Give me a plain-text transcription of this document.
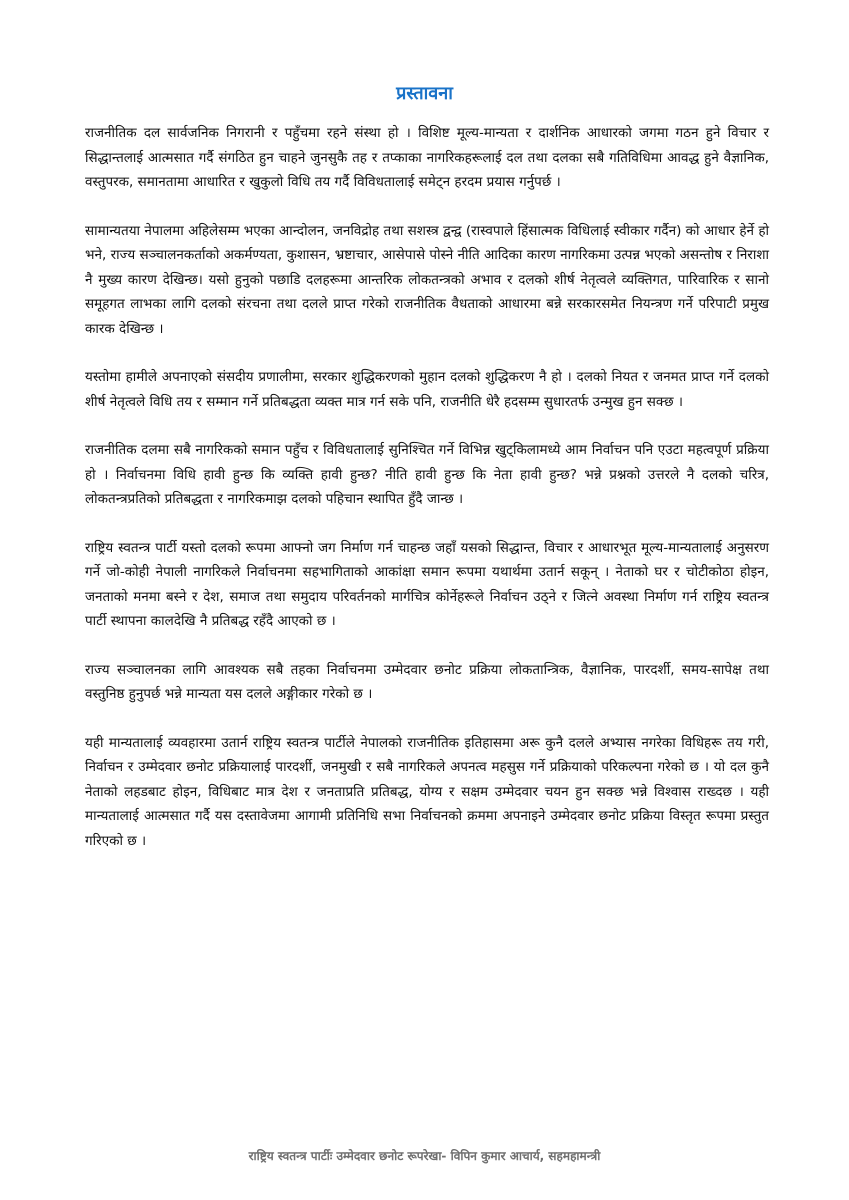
प्रस्तावना

राजनीतिक दल सार्वजनिक निगरानी र पहुँचमा रहने संस्था हो । विशिष्ट मूल्य-मान्यता र दार्शनिक आधारको जगमा गठन हुने विचार र सिद्धान्तलाई आत्मसात गर्दै संगठित हुन चाहने जुनसुकै तह र तप्काका नागरिकहरूलाई दल तथा दलका सबै गतिविधिमा आवद्ध हुने वैज्ञानिक, वस्तुपरक, समानतामा आधारित र खुकुलो विधि तय गर्दै विविधतालाई समेट्न हरदम प्रयास गर्नुपर्छ ।

सामान्यतया नेपालमा अहिलेसम्म भएका आन्दोलन, जनविद्रोह तथा सशस्त्र द्वन्द्व (रास्वपाले हिंसात्मक विधिलाई स्वीकार गर्दैन) को आधार हेर्ने हो भने, राज्य सञ्चालनकर्ताको अकर्मण्यता, कुशासन, भ्रष्टाचार, आसेपासे पोस्ने नीति आदिका कारण नागरिकमा उत्पन्न भएको असन्तोष र निराशा नै मुख्य कारण देखिन्छ। यसो हुनुको पछाडि दलहरूमा आन्तरिक लोकतन्त्रको अभाव र दलको शीर्ष नेतृत्वले व्यक्तिगत, पारिवारिक र सानो समूहगत लाभका लागि दलको संरचना तथा दलले प्राप्त गरेको राजनीतिक वैधताको आधारमा बन्ने सरकारसमेत नियन्त्रण गर्ने परिपाटी प्रमुख कारक देखिन्छ ।

यस्तोमा हामीले अपनाएको संसदीय प्रणालीमा, सरकार शुद्धिकरणको मुहान दलको शुद्धिकरण नै हो । दलको नियत र जनमत प्राप्त गर्ने दलको शीर्ष नेतृत्वले विधि तय र सम्मान गर्ने प्रतिबद्धता व्यक्त मात्र गर्न सके पनि, राजनीति धेरै हदसम्म सुधारतर्फ उन्मुख हुन सक्छ ।

राजनीतिक दलमा सबै नागरिकको समान पहुँच र विविधतालाई सुनिश्चित गर्ने विभिन्न खुट्किलामध्ये आम निर्वाचन पनि एउटा महत्वपूर्ण प्रक्रिया हो । निर्वाचनमा विधि हावी हुन्छ कि व्यक्ति हावी हुन्छ? नीति हावी हुन्छ कि नेता हावी हुन्छ? भन्ने प्रश्नको उत्तरले नै दलको चरित्र, लोकतन्त्रप्रतिको प्रतिबद्धता र नागरिकमाझ दलको पहिचान स्थापित हुँदै जान्छ ।

राष्ट्रिय स्वतन्त्र पार्टी यस्तो दलको रूपमा आफ्नो जग निर्माण गर्न चाहन्छ जहाँ यसको सिद्धान्त, विचार र आधारभूत मूल्य-मान्यतालाई अनुसरण गर्ने जो-कोही नेपाली नागरिकले निर्वाचनमा सहभागिताको आकांक्षा समान रूपमा यथार्थमा उतार्न सकून् । नेताको घर र चोटीकोठा होइन, जनताको मनमा बस्ने र देश, समाज तथा समुदाय परिवर्तनको मार्गचित्र कोर्नेहरूले निर्वाचन उठ्ने र जित्ने अवस्था निर्माण गर्न राष्ट्रिय स्वतन्त्र पार्टी स्थापना कालदेखि नै प्रतिबद्ध रहँदै आएको छ ।

राज्य सञ्चालनका लागि आवश्यक सबै तहका निर्वाचनमा उम्मेदवार छनोट प्रक्रिया लोकतान्त्रिक, वैज्ञानिक, पारदर्शी, समय-सापेक्ष तथा वस्तुनिष्ठ हुनुपर्छ भन्ने मान्यता यस दलले अङ्गीकार गरेको छ ।

यही मान्यतालाई व्यवहारमा उतार्न राष्ट्रिय स्वतन्त्र पार्टीले नेपालको राजनीतिक इतिहासमा अरू कुनै दलले अभ्यास नगरेका विधिहरू तय गरी, निर्वाचन र उम्मेदवार छनोट प्रक्रियालाई पारदर्शी, जनमुखी र सबै नागरिकले अपनत्व महसुस गर्ने प्रक्रियाको परिकल्पना गरेको छ । यो दल कुनै नेताको लहडबाट होइन, विधिबाट मात्र देश र जनताप्रति प्रतिबद्ध, योग्य र सक्षम उम्मेदवार चयन हुन सक्छ भन्ने विश्वास राख्दछ । यही मान्यतालाई आत्मसात गर्दै यस दस्तावेजमा आगामी प्रतिनिधि सभा निर्वाचनको क्रममा अपनाइने उम्मेदवार छनोट प्रक्रिया विस्तृत रूपमा प्रस्तुत गरिएको छ ।

राष्ट्रिय स्वतन्त्र पार्टीः उम्मेदवार छनोट रूपरेखा- विपिन कुमार आचार्य, सहमहामन्त्री
